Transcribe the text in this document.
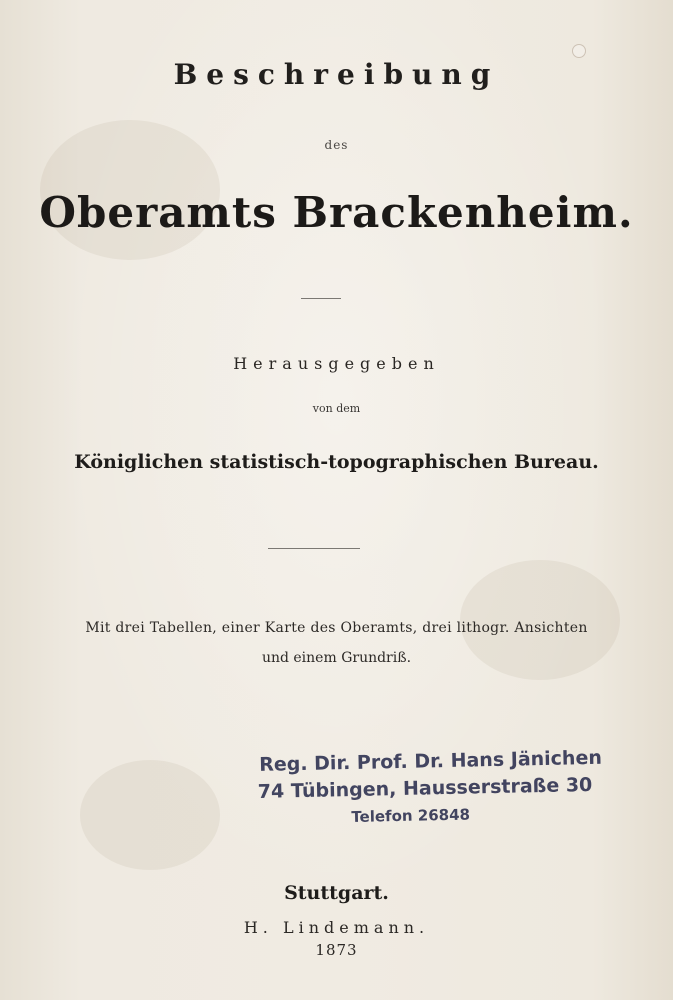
Beschreibung
des
Oberamts Brackenheim.
Herausgegeben
von dem
Königlichen statistisch-topographischen Bureau.
Mit drei Tabellen, einer Karte des Oberamts, drei lithogr. Ansichten
und einem Grundriß.
Reg. Dir. Prof. Dr. Hans Jänichen
74 Tübingen, Hausserstraße 30
Telefon 26848
Stuttgart.
H. Lindemann.
1873
